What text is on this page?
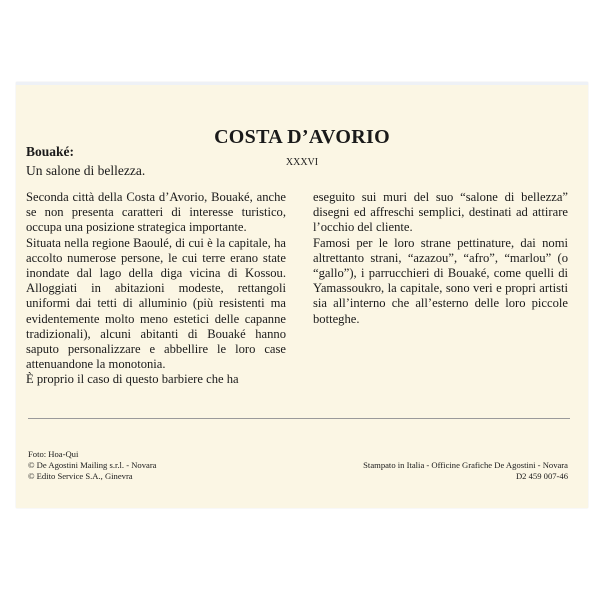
COSTA D’AVORIO
Bouaké:
Un salone di bellezza.
XXXVI

Seconda città della Costa d’Avorio, Bouaké, anche se non presenta caratteri di interesse turistico, occupa una posizione strategica importante.

Situata nella regione Baoulé, di cui è la capitale, ha accolto numerose persone, le cui terre erano state inondate dal lago della diga vicina di Kossou. Alloggiati in abitazioni modeste, rettangoli uniformi dai tetti di alluminio (più resistenti ma evidentemente molto meno estetici delle capanne tradizionali), alcuni abitanti di Bouaké hanno saputo personalizzare e abbellire le loro case attenuandone la monotonia.

È proprio il caso di questo barbiere che ha

eseguito sui muri del suo “salone di bellezza” disegni ed affreschi semplici, destinati ad attirare l’occhio del cliente.

Famosi per le loro strane pettinature, dai nomi altrettanto strani, “azazou”, “afro”, “marlou” (o “gallo”), i parrucchieri di Bouaké, come quelli di Yamassoukro, la capitale, sono veri e propri artisti sia all’interno che all’esterno delle loro piccole botteghe.

Foto: Hoa-Qui
© De Agostini Mailing s.r.l. - Novara
© Edito Service S.A., Ginevra
Stampato in Italia - Officine Grafiche De Agostini - Novara
D2 459 007-46
